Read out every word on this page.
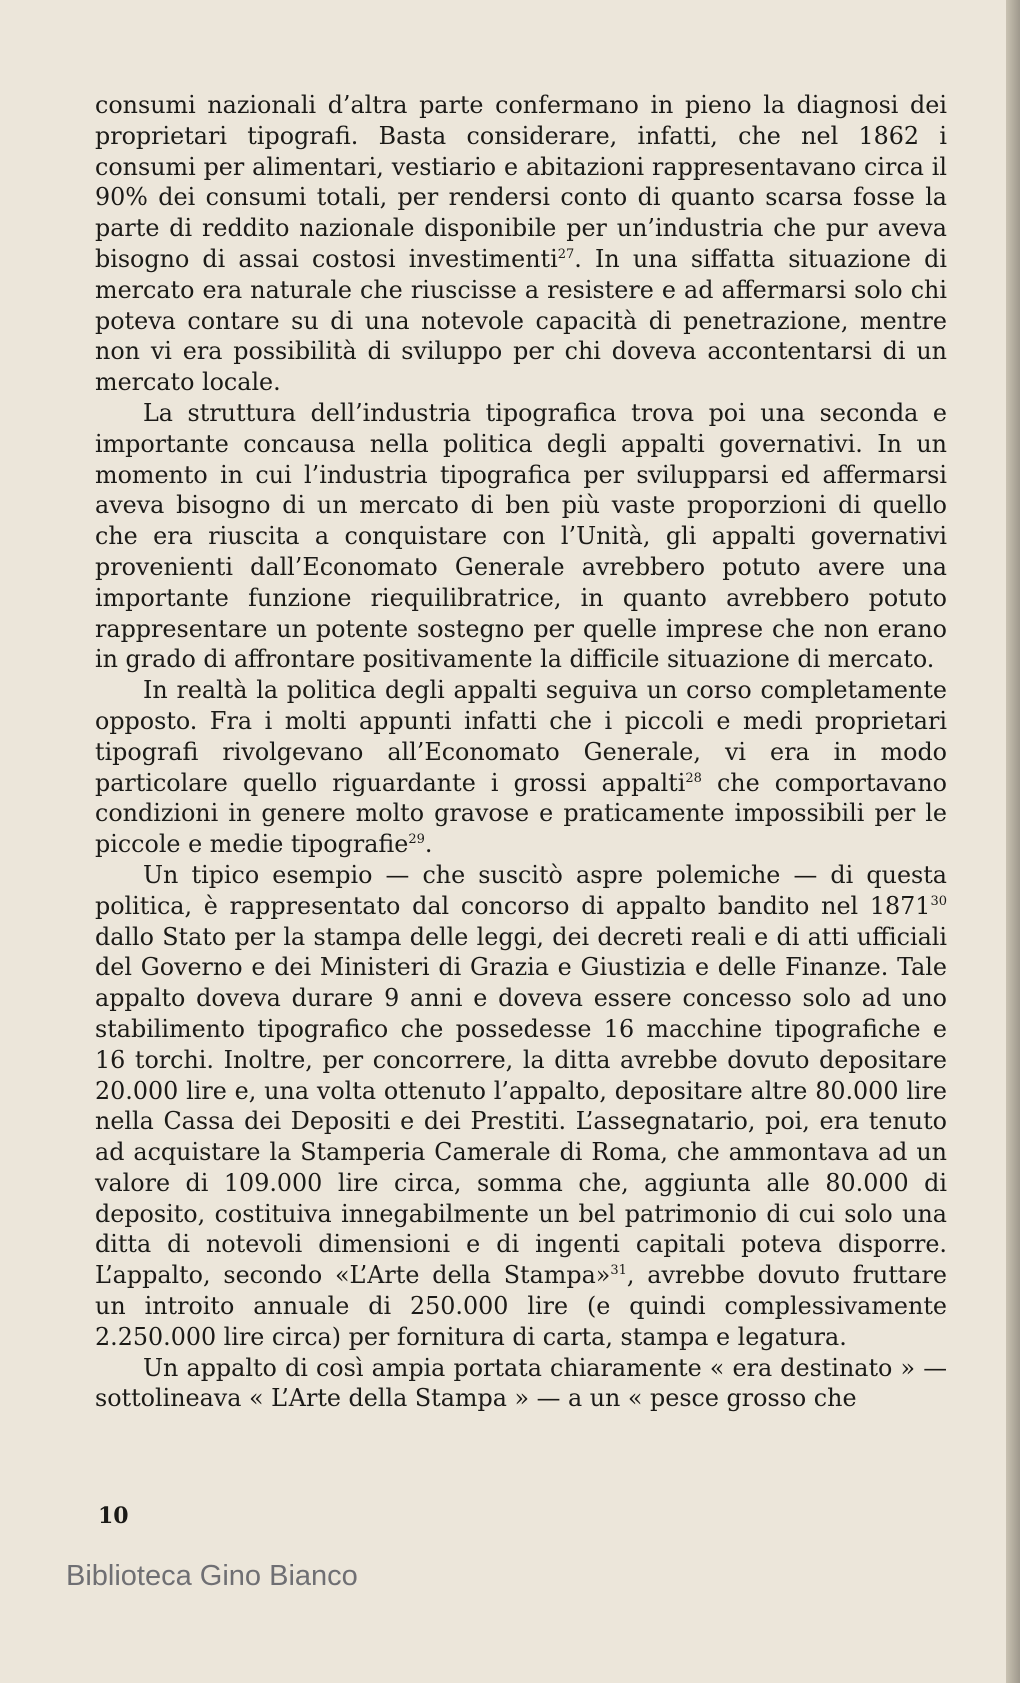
consumi nazionali d’altra parte confermano in pieno la diagnosi dei proprietari tipografi. Basta considerare, infatti, che nel 1862 i consumi per alimentari, vestiario e abitazioni rappresentavano circa il 90% dei consumi totali, per rendersi conto di quanto scarsa fosse la parte di reddito nazionale disponibile per un’industria che pur aveva bisogno di assai costosi investimenti$^{27}$. In una siffatta situazione di mercato era naturale che riuscisse a resistere e ad affermarsi solo chi poteva contare su di una notevole capacità di penetrazione, mentre non vi era possibilità di sviluppo per chi doveva accontentarsi di un mercato locale.

La struttura dell’industria tipografica trova poi una seconda e importante concausa nella politica degli appalti governativi. In un momento in cui l’industria tipografica per svilupparsi ed affermarsi aveva bisogno di un mercato di ben più vaste proporzioni di quello che era riuscita a conquistare con l’Unità, gli appalti governativi provenienti dall’Economato Generale avrebbero potuto avere una importante funzione riequilibratrice, in quanto avrebbero potuto rappresentare un potente sostegno per quelle imprese che non erano in grado di affrontare positivamente la difficile situazione di mercato.

In realtà la politica degli appalti seguiva un corso completamente opposto. Fra i molti appunti infatti che i piccoli e medi proprietari tipografi rivolgevano all’Economato Generale, vi era in modo particolare quello riguardante i grossi appalti$^{28}$ che comportavano condizioni in genere molto gravose e praticamente impossibili per le piccole e medie tipografie$^{29}$.

Un tipico esempio — che suscitò aspre polemiche — di questa politica, è rappresentato dal concorso di appalto bandito nel 1871$^{30}$ dallo Stato per la stampa delle leggi, dei decreti reali e di atti ufficiali del Governo e dei Ministeri di Grazia e Giustizia e delle Finanze. Tale appalto doveva durare 9 anni e doveva essere concesso solo ad uno stabilimento tipografico che possedesse 16 macchine tipografiche e 16 torchi. Inoltre, per concorrere, la ditta avrebbe dovuto depositare 20.000 lire e, una volta ottenuto l’appalto, depositare altre 80.000 lire nella Cassa dei Depositi e dei Prestiti. L’assegnatario, poi, era tenuto ad acquistare la Stamperia Camerale di Roma, che ammontava ad un valore di 109.000 lire circa, somma che, aggiunta alle 80.000 di deposito, costituiva innegabilmente un bel patrimonio di cui solo una ditta di notevoli dimensioni e di ingenti capitali poteva disporre. L’appalto, secondo «L’Arte della Stampa»$^{31}$, avrebbe dovuto fruttare un introito annuale di 250.000 lire (e quindi complessivamente 2.250.000 lire circa) per fornitura di carta, stampa e legatura.

Un appalto di così ampia portata chiaramente « era destinato » — sottolineava « L’Arte della Stampa » — a un « pesce grosso che

10
Biblioteca Gino Bianco
